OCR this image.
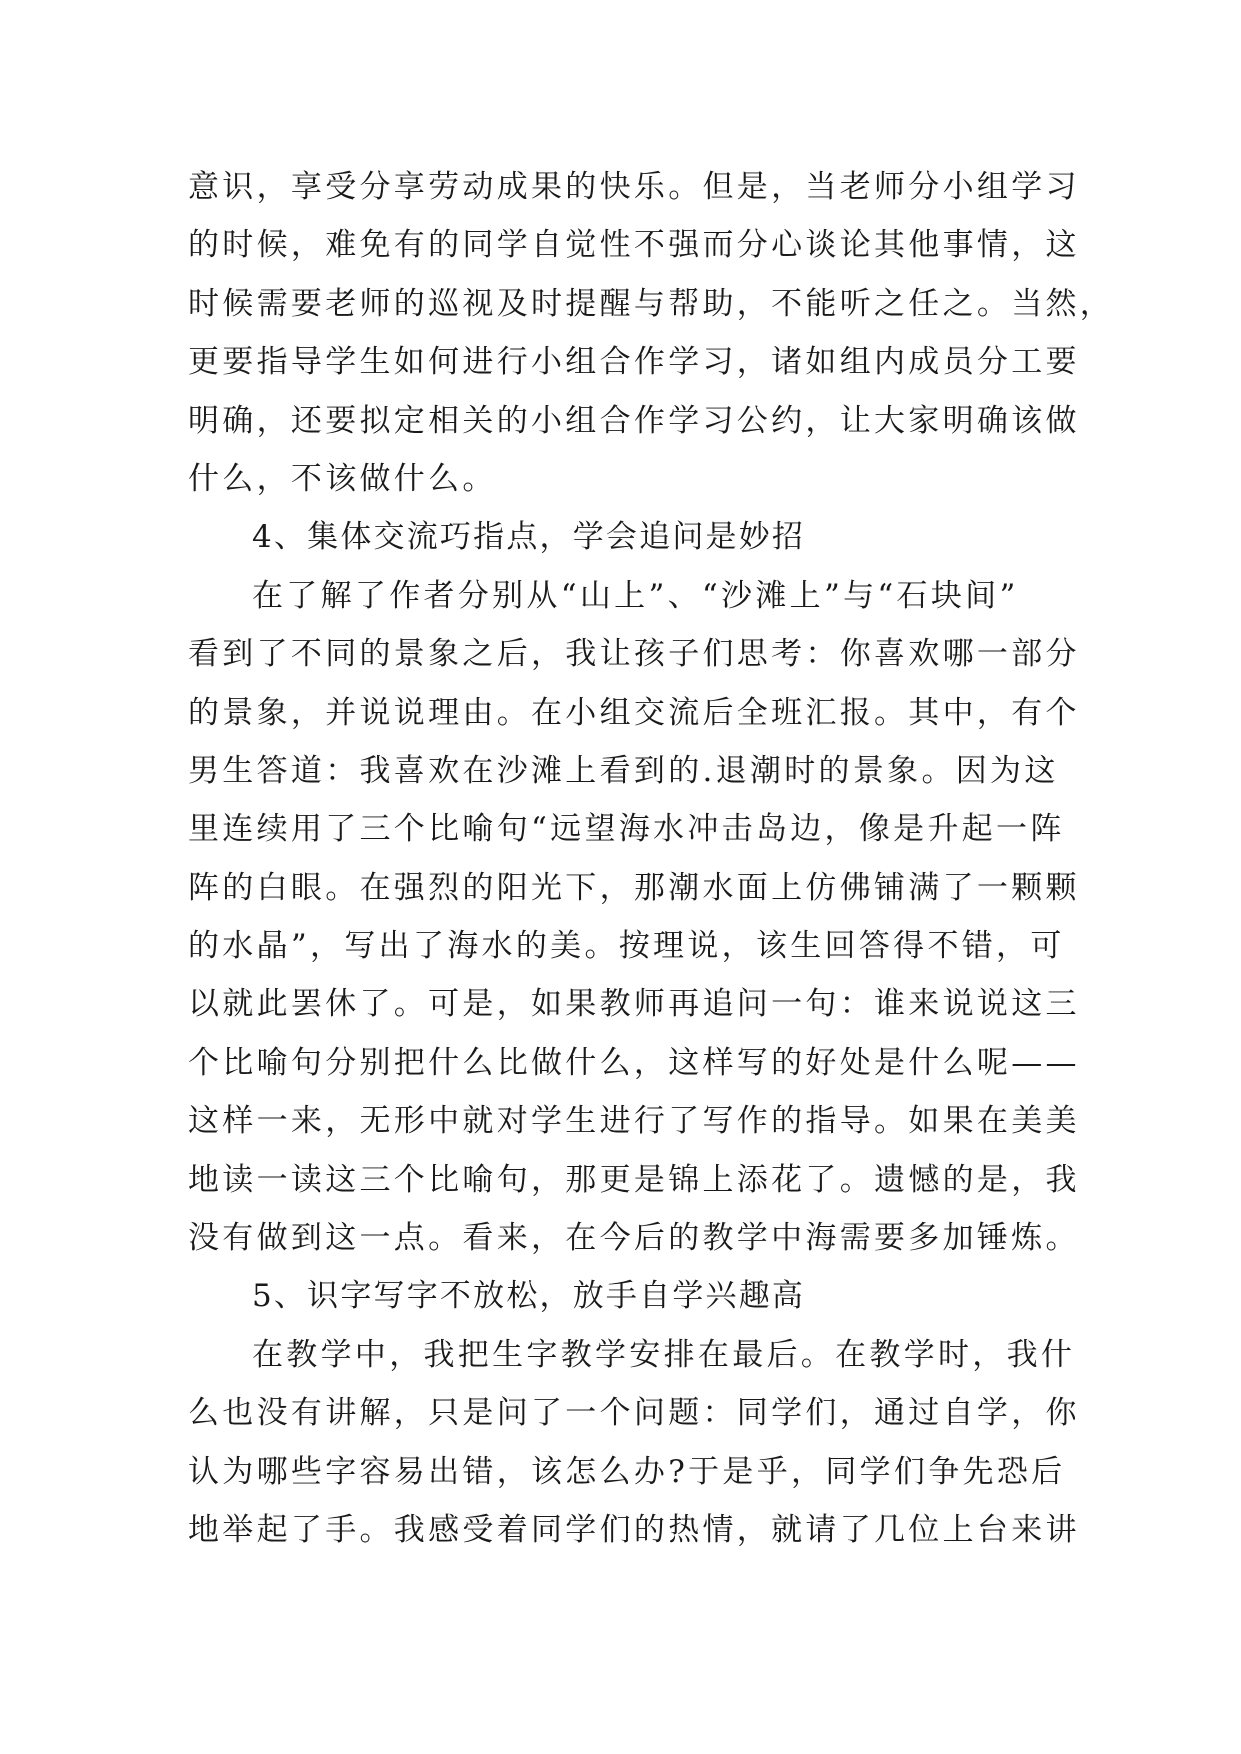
意识，享受分享劳动成果的快乐。但是，当老师分小组学习
的时候，难免有的同学自觉性不强而分心谈论其他事情，这
时候需要老师的巡视及时提醒与帮助，不能听之任之。当然，
更要指导学生如何进行小组合作学习，诸如组内成员分工要
明确，还要拟定相关的小组合作学习公约，让大家明确该做
什么，不该做什么。
4、集体交流巧指点，学会追问是妙招
在了解了作者分别从“山上”、“沙滩上”与“石块间”
看到了不同的景象之后，我让孩子们思考：你喜欢哪一部分
的景象，并说说理由。在小组交流后全班汇报。其中，有个
男生答道：我喜欢在沙滩上看到的.退潮时的景象。因为这
里连续用了三个比喻句“远望海水冲击岛边，像是升起一阵
阵的白眼。在强烈的阳光下，那潮水面上仿佛铺满了一颗颗
的水晶”，写出了海水的美。按理说，该生回答得不错，可
以就此罢休了。可是，如果教师再追问一句：谁来说说这三
个比喻句分别把什么比做什么，这样写的好处是什么呢——
这样一来，无形中就对学生进行了写作的指导。如果在美美
地读一读这三个比喻句，那更是锦上添花了。遗憾的是，我
没有做到这一点。看来，在今后的教学中海需要多加锤炼。
5、识字写字不放松，放手自学兴趣高
在教学中，我把生字教学安排在最后。在教学时，我什
么也没有讲解，只是问了一个问题：同学们，通过自学，你
认为哪些字容易出错，该怎么办?于是乎，同学们争先恐后
地举起了手。我感受着同学们的热情，就请了几位上台来讲
